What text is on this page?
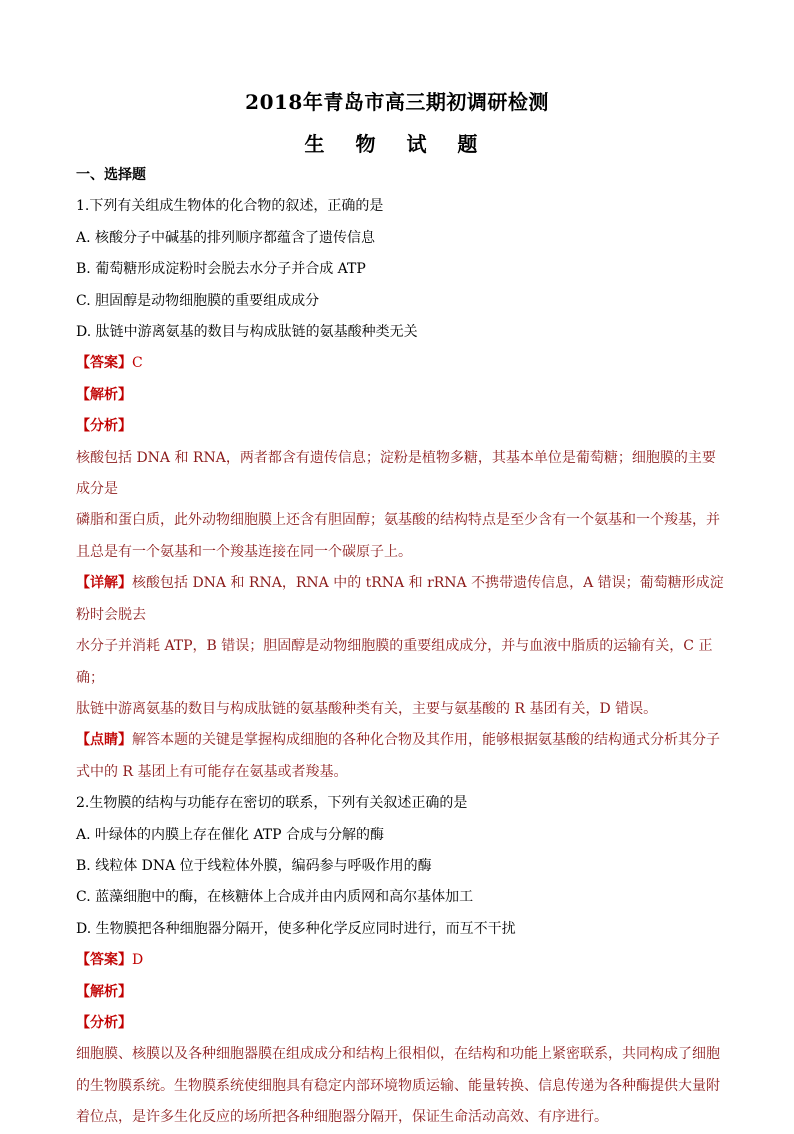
2018年青岛市高三期初调研检测
生 物 试 题

一、选择题

1.下列有关组成生物体的化合物的叙述，正确的是

A. 核酸分子中碱基的排列顺序都蕴含了遗传信息

B. 葡萄糖形成淀粉时会脱去水分子并合成 ATP

C. 胆固醇是动物细胞膜的重要组成成分

D. 肽链中游离氨基的数目与构成肽链的氨基酸种类无关

【答案】C

【解析】

【分析】

核酸包括 DNA 和 RNA，两者都含有遗传信息；淀粉是植物多糖，其基本单位是葡萄糖；细胞膜的主要成分是

磷脂和蛋白质，此外动物细胞膜上还含有胆固醇；氨基酸的结构特点是至少含有一个氨基和一个羧基，并

且总是有一个氨基和一个羧基连接在同一个碳原子上。

【详解】核酸包括 DNA 和 RNA，RNA 中的 tRNA 和 rRNA 不携带遗传信息，A 错误；葡萄糖形成淀粉时会脱去

水分子并消耗 ATP，B 错误；胆固醇是动物细胞膜的重要组成成分，并与血液中脂质的运输有关，C 正确；

肽链中游离氨基的数目与构成肽链的氨基酸种类有关，主要与氨基酸的 R 基团有关，D 错误。

【点睛】解答本题的关键是掌握构成细胞的各种化合物及其作用，能够根据氨基酸的结构通式分析其分子

式中的 R 基团上有可能存在氨基或者羧基。

2.生物膜的结构与功能存在密切的联系，下列有关叙述正确的是

A. 叶绿体的内膜上存在催化 ATP 合成与分解的酶

B. 线粒体 DNA 位于线粒体外膜，编码参与呼吸作用的酶

C. 蓝藻细胞中的酶，在核糖体上合成并由内质网和高尔基体加工

D. 生物膜把各种细胞器分隔开，使多种化学反应同时进行，而互不干扰

【答案】D

【解析】

【分析】

细胞膜、核膜以及各种细胞器膜在组成成分和结构上很相似，在结构和功能上紧密联系，共同构成了细胞

的生物膜系统。生物膜系统使细胞具有稳定内部环境物质运输、能量转换、信息传递为各种酶提供大量附

着位点，是许多生化反应的场所把各种细胞器分隔开，保证生命活动高效、有序进行。
